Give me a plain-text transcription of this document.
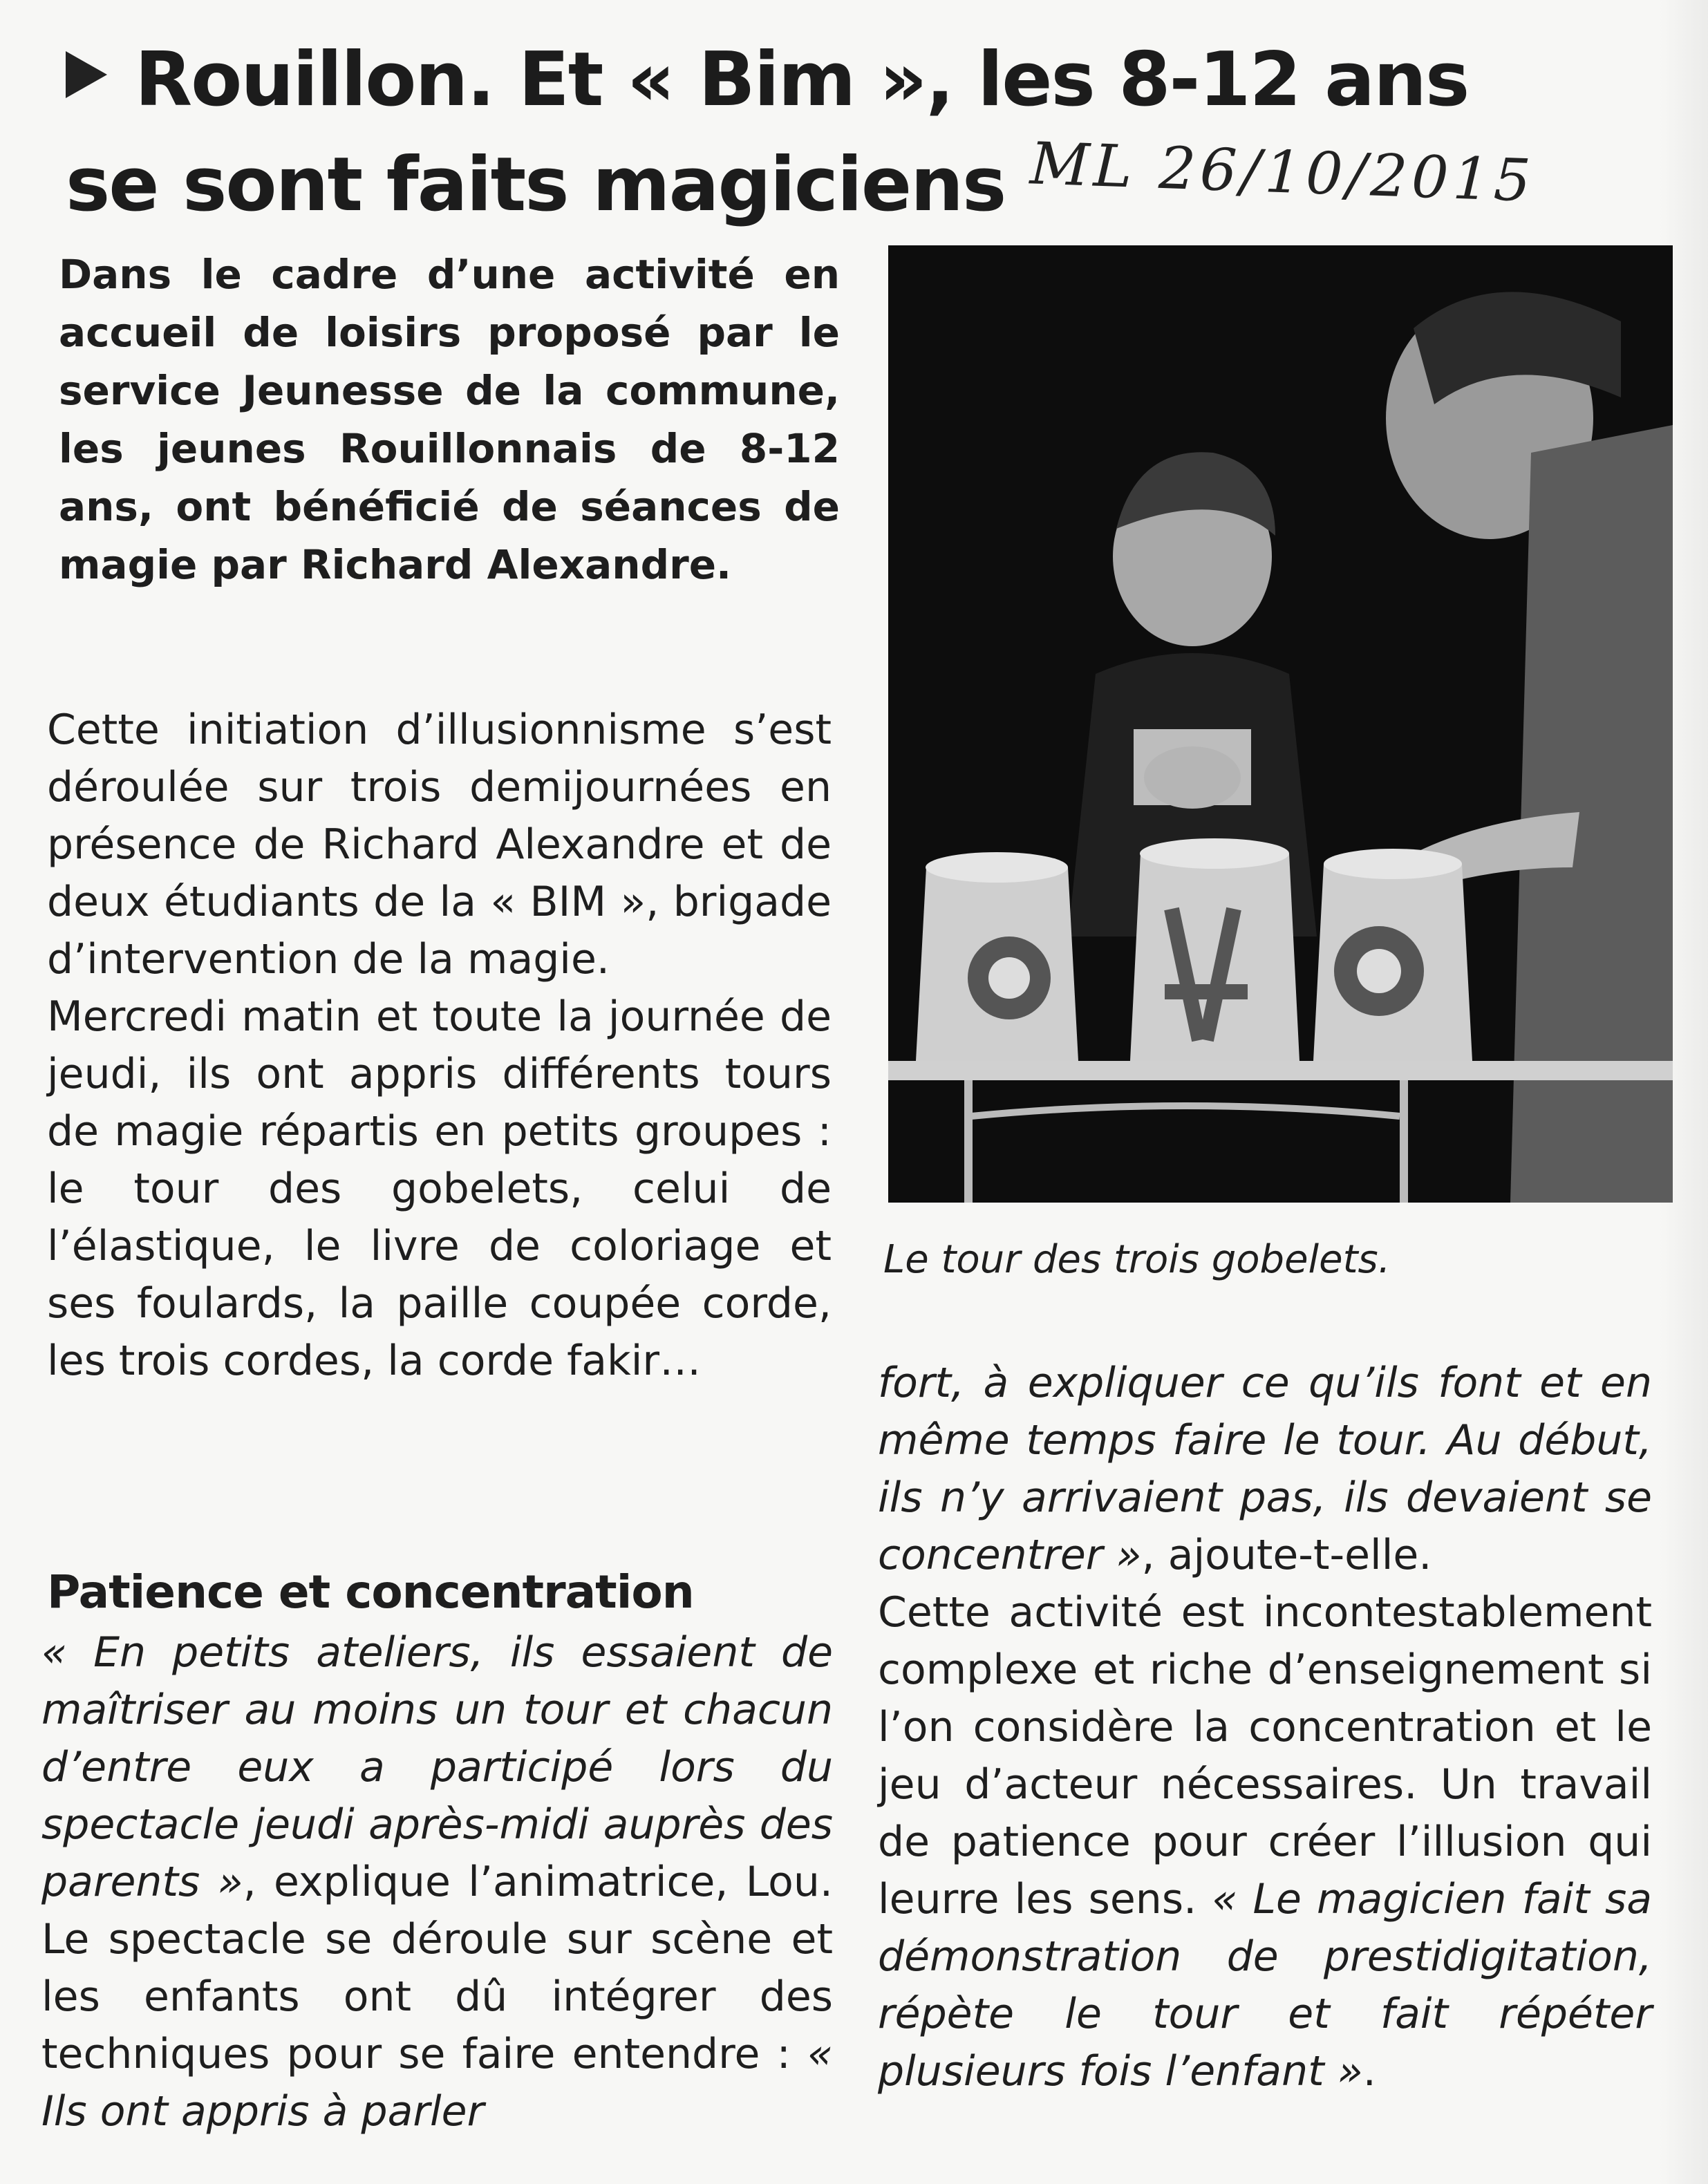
Rouillon. Et « Bim », les 8-12 ans
se sont faits magiciens ML 26/10/2015

Dans le cadre d’une activité en accueil de loisirs proposé par le service Jeunesse de la commune, les jeunes Rouillonnais de 8-12 ans, ont bénéficié de séances de magie par Richard Alexandre.

Cette initiation d’illusionnisme s’est déroulée sur trois demijournées en présence de Richard Alexandre et de deux étudiants de la « BIM », brigade d’intervention de la magie.

Mercredi matin et toute la journée de jeudi, ils ont appris différents tours de magie répartis en petits groupes : le tour des gobelets, celui de l’élastique, le livre de coloriage et ses foulards, la paille coupée corde, les trois cordes, la corde fakir…

Patience et concentration

« En petits ateliers, ils essaient de maîtriser au moins un tour et chacun d’entre eux a participé lors du spectacle jeudi après-midi auprès des parents », explique l’animatrice, Lou. Le spectacle se déroule sur scène et les enfants ont dû intégrer des techniques pour se faire entendre : « Ils ont appris à parler

Le tour des trois gobelets.

fort, à expliquer ce qu’ils font et en même temps faire le tour. Au début, ils n’y arrivaient pas, ils devaient se concentrer », ajoute-t-elle.

Cette activité est incontestablement complexe et riche d’enseignement si l’on considère la concentration et le jeu d’acteur nécessaires. Un travail de patience pour créer l’illusion qui leurre les sens. « Le magicien fait sa démonstration de prestidigitation, répète le tour et fait répéter plusieurs fois l’enfant ».
